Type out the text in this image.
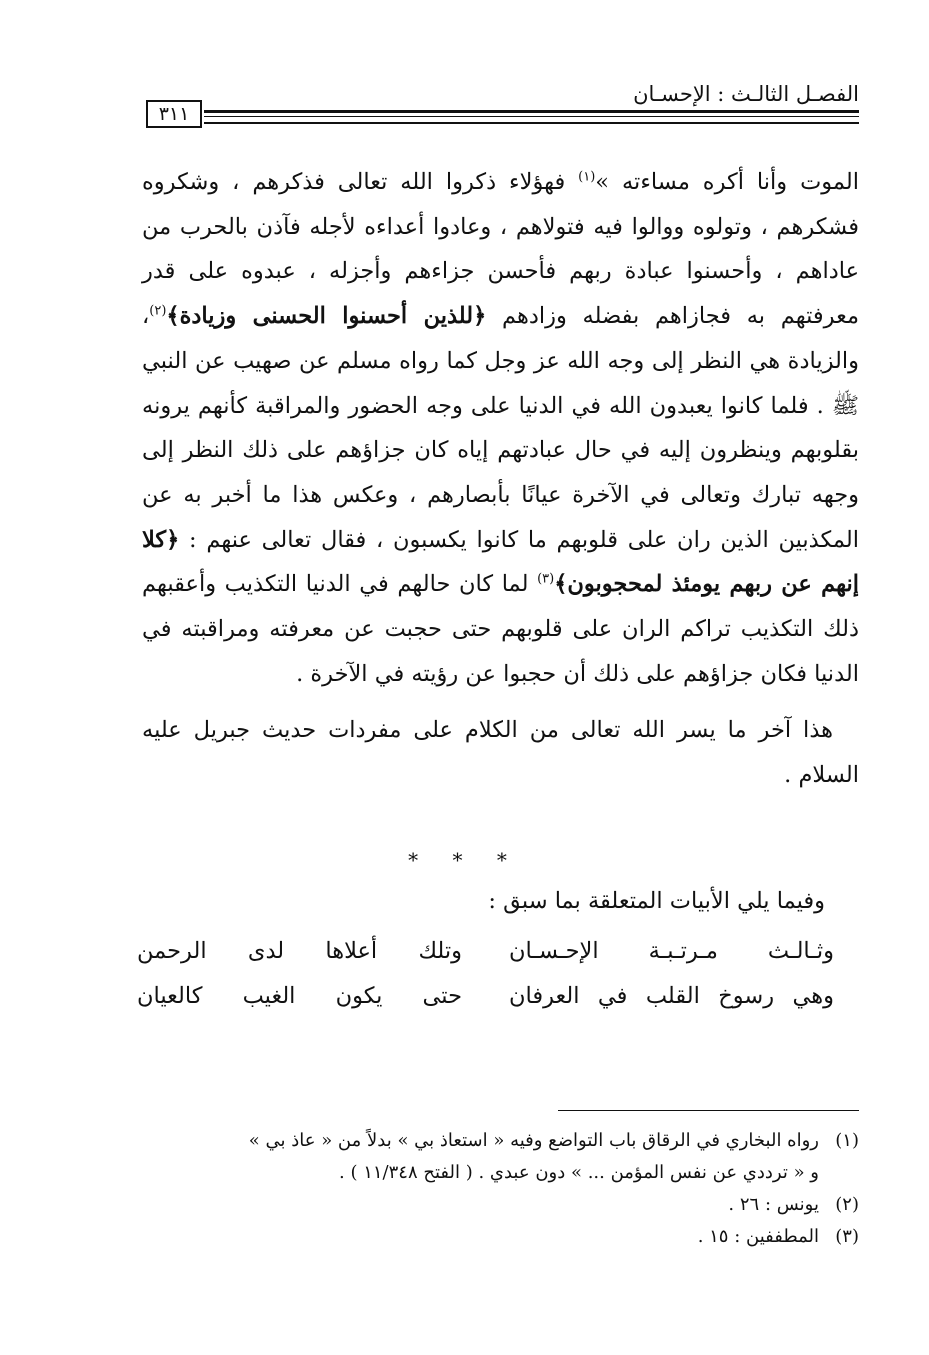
الفصـل الثالـث : الإحسـان
٣١١

الموت وأنا أكره مساءته »$^{(١)}$ فهؤلاء ذكروا الله تعالى فذكرهم ، وشكروه فشكرهم ، وتولوه ووالوا فيه فتولاهم ، وعادوا أعداءه لأجله فآذن بالحرب من عاداهم ، وأحسنوا عبادة ربهم فأحسن جزاءهم وأجزله ، عبدوه على قدر معرفتهم به فجازاهم بفضله وزادهم ﴿للذين أحسنوا الحسنى وزيادة﴾$^{(٢)}$، والزيادة هي النظر إلى وجه الله عز وجل كما رواه مسلم عن صهيب عن النبي ﷺ . فلما كانوا يعبدون الله في الدنيا على وجه الحضور والمراقبة كأنهم يرونه بقلوبهم وينظرون إليه في حال عبادتهم إياه كان جزاؤهم على ذلك النظر إلى وجهه تبارك وتعالى في الآخرة عيانًا بأبصارهم ، وعكس هذا ما أخبر به عن المكذبين الذين ران على قلوبهم ما كانوا يكسبون ، فقال تعالى عنهم : ﴿كلا إنهم عن ربهم يومئذ لمحجوبون﴾$^{(٣)}$ لما كان حالهم في الدنيا التكذيب وأعقبهم ذلك التكذيب تراكم الران على قلوبهم حتى حجبت عن معرفته ومراقبته في الدنيا فكان جزاؤهم على ذلك أن حجبوا عن رؤيته في الآخرة .

هذا آخر ما يسر الله تعالى من الكلام على مفردات حديث جبريل عليه السلام .

* * *
وفيما يلي الأبيات المتعلقة بما سبق :
وثـالـث مـرتـبـة الإحـسـان
وتلك أعلاها لدى الرحمن
وهي رسوخ القلب في العرفان
حتى يكون الغيب كالعيان
(١)
رواه البخاري في الرقاق باب التواضع وفيه « استعاذ بي » بدلاً من « عاذ بي »
و « ترددي عن نفس المؤمن ... » دون عبدي . ( الفتح ١١/٣٤٨ ) .
(٢)
يونس : ٢٦ .
(٣)
المطففين : ١٥ .
